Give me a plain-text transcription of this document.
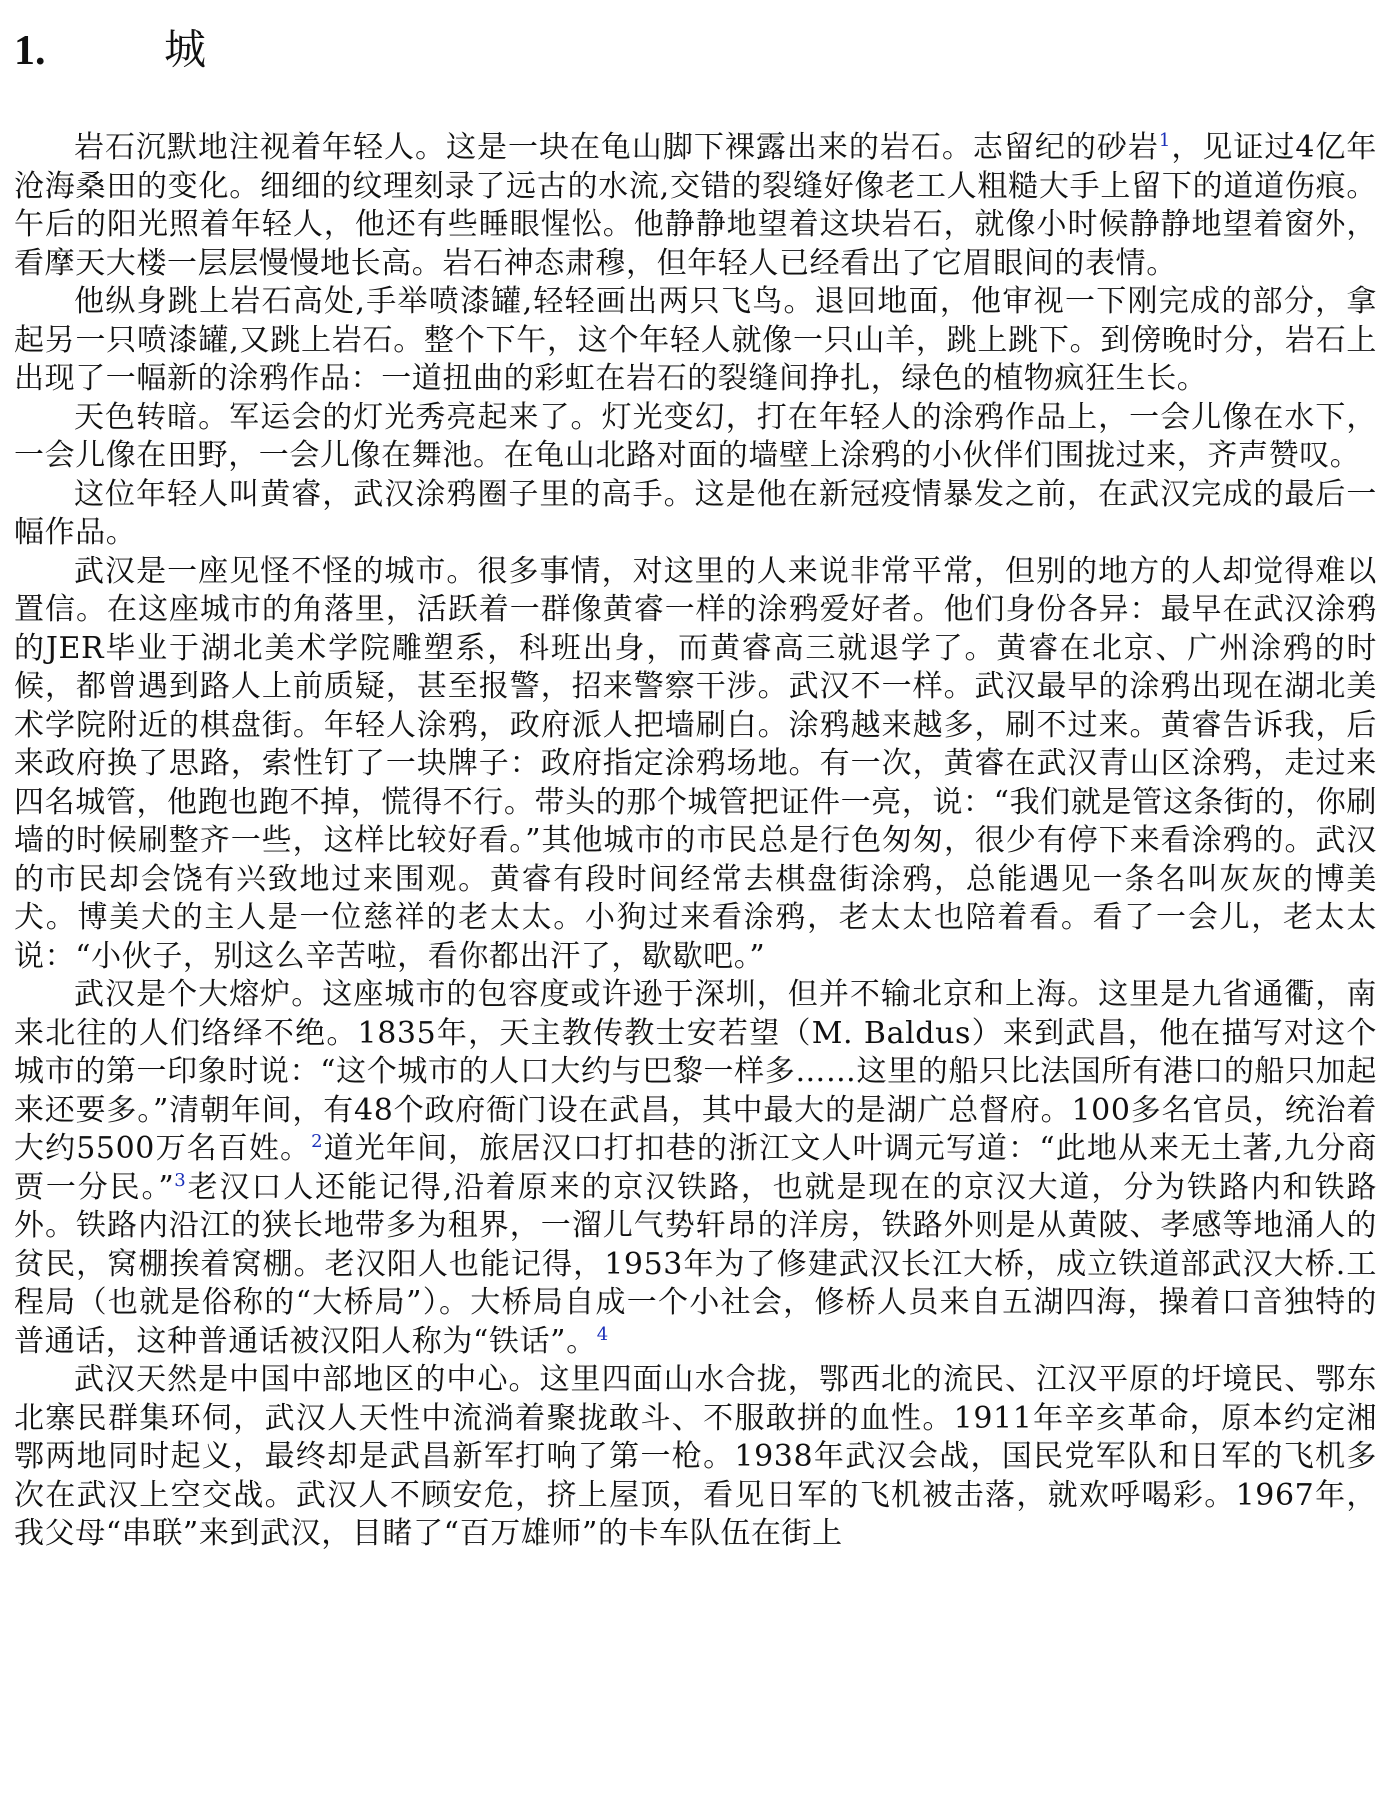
1.	城

岩石沉默地注视着年轻人。这是一块在龟山脚下裸露出来的岩石。志留纪的砂岩$^1$，见证过4亿年沧海桑田的变化。细细的纹理刻录了远古的水流,交错的裂缝好像老工人粗糙大手上留下的道道伤痕。午后的阳光照着年轻人，他还有些睡眼惺忪。他静静地望着这块岩石，就像小时候静静地望着窗外，看摩天大楼一层层慢慢地长高。岩石神态肃穆，但年轻人已经看出了它眉眼间的表情。

他纵身跳上岩石高处,手举喷漆罐,轻轻画出两只飞鸟。退回地面，他审视一下刚完成的部分，拿起另一只喷漆罐,又跳上岩石。整个下午，这个年轻人就像一只山羊，跳上跳下。到傍晚时分，岩石上出现了一幅新的涂鸦作品：一道扭曲的彩虹在岩石的裂缝间挣扎，绿色的植物疯狂生长。

天色转暗。军运会的灯光秀亮起来了。灯光变幻，打在年轻人的涂鸦作品上，一会儿像在水下，一会儿像在田野，一会儿像在舞池。在龟山北路对面的墙壁上涂鸦的小伙伴们围拢过来，齐声赞叹。

这位年轻人叫黄睿，武汉涂鸦圈子里的高手。这是他在新冠疫情暴发之前，在武汉完成的最后一幅作品。

武汉是一座见怪不怪的城市。很多事情，对这里的人来说非常平常，但别的地方的人却觉得难以置信。在这座城市的角落里，活跃着一群像黄睿一样的涂鸦爱好者。他们身份各异：最早在武汉涂鸦的JER毕业于湖北美术学院雕塑系，科班出身，而黄睿高三就退学了。黄睿在北京、广州涂鸦的时候，都曾遇到路人上前质疑，甚至报警，招来警察干涉。武汉不一样。武汉最早的涂鸦出现在湖北美术学院附近的棋盘街。年轻人涂鸦，政府派人把墙刷白。涂鸦越来越多，刷不过来。黄睿告诉我，后来政府换了思路，索性钉了一块牌子：政府指定涂鸦场地。有一次，黄睿在武汉青山区涂鸦，走过来四名城管，他跑也跑不掉，慌得不行。带头的那个城管把证件一亮，说：“我们就是管这条街的，你刷墙的时候刷整齐一些，这样比较好看。”其他城市的市民总是行色匆匆，很少有停下来看涂鸦的。武汉的市民却会饶有兴致地过来围观。黄睿有段时间经常去棋盘街涂鸦，总能遇见一条名叫灰灰的博美犬。博美犬的主人是一位慈祥的老太太。小狗过来看涂鸦，老太太也陪着看。看了一会儿，老太太说：“小伙子，别这么辛苦啦，看你都出汗了，歇歇吧。”

武汉是个大熔炉。这座城市的包容度或许逊于深圳，但并不输北京和上海。这里是九省通衢，南来北往的人们络绎不绝。1835年，天主教传教士安若望（M. Baldus）来到武昌，他在描写对这个城市的第一印象时说：“这个城市的人口大约与巴黎一样多……这里的船只比法国所有港口的船只加起来还要多。”清朝年间，有48个政府衙门设在武昌，其中最大的是湖广总督府。100多名官员，统治着大约5500万名百姓。$^2$道光年间，旅居汉口打扣巷的浙江文人叶调元写道：“此地从来无土著,九分商贾一分民。”$^3$老汉口人还能记得,沿着原来的京汉铁路，也就是现在的京汉大道，分为铁路内和铁路外。铁路内沿江的狭长地带多为租界，一溜儿气势轩昂的洋房，铁路外则是从黄陂、孝感等地涌人的贫民，窝棚挨着窝棚。老汉阳人也能记得，1953年为了修建武汉长江大桥，成立铁道部武汉大桥.工程局（也就是俗称的“大桥局”）。大桥局自成一个小社会，修桥人员来自五湖四海，操着口音独特的普通话，这种普通话被汉阳人称为“铁话”。$^4$

武汉天然是中国中部地区的中心。这里四面山水合拢，鄂西北的流民、江汉平原的圩境民、鄂东北寨民群集环伺，武汉人天性中流淌着聚拢敢斗、不服敢拼的血性。1911年辛亥革命，原本约定湘鄂两地同时起义，最终却是武昌新军打响了第一枪。1938年武汉会战，国民党军队和日军的飞机多次在武汉上空交战。武汉人不顾安危，挤上屋顶，看见日军的飞机被击落，就欢呼喝彩。1967年，我父母“串联”来到武汉，目睹了“百万雄师”的卡车队伍在街上
